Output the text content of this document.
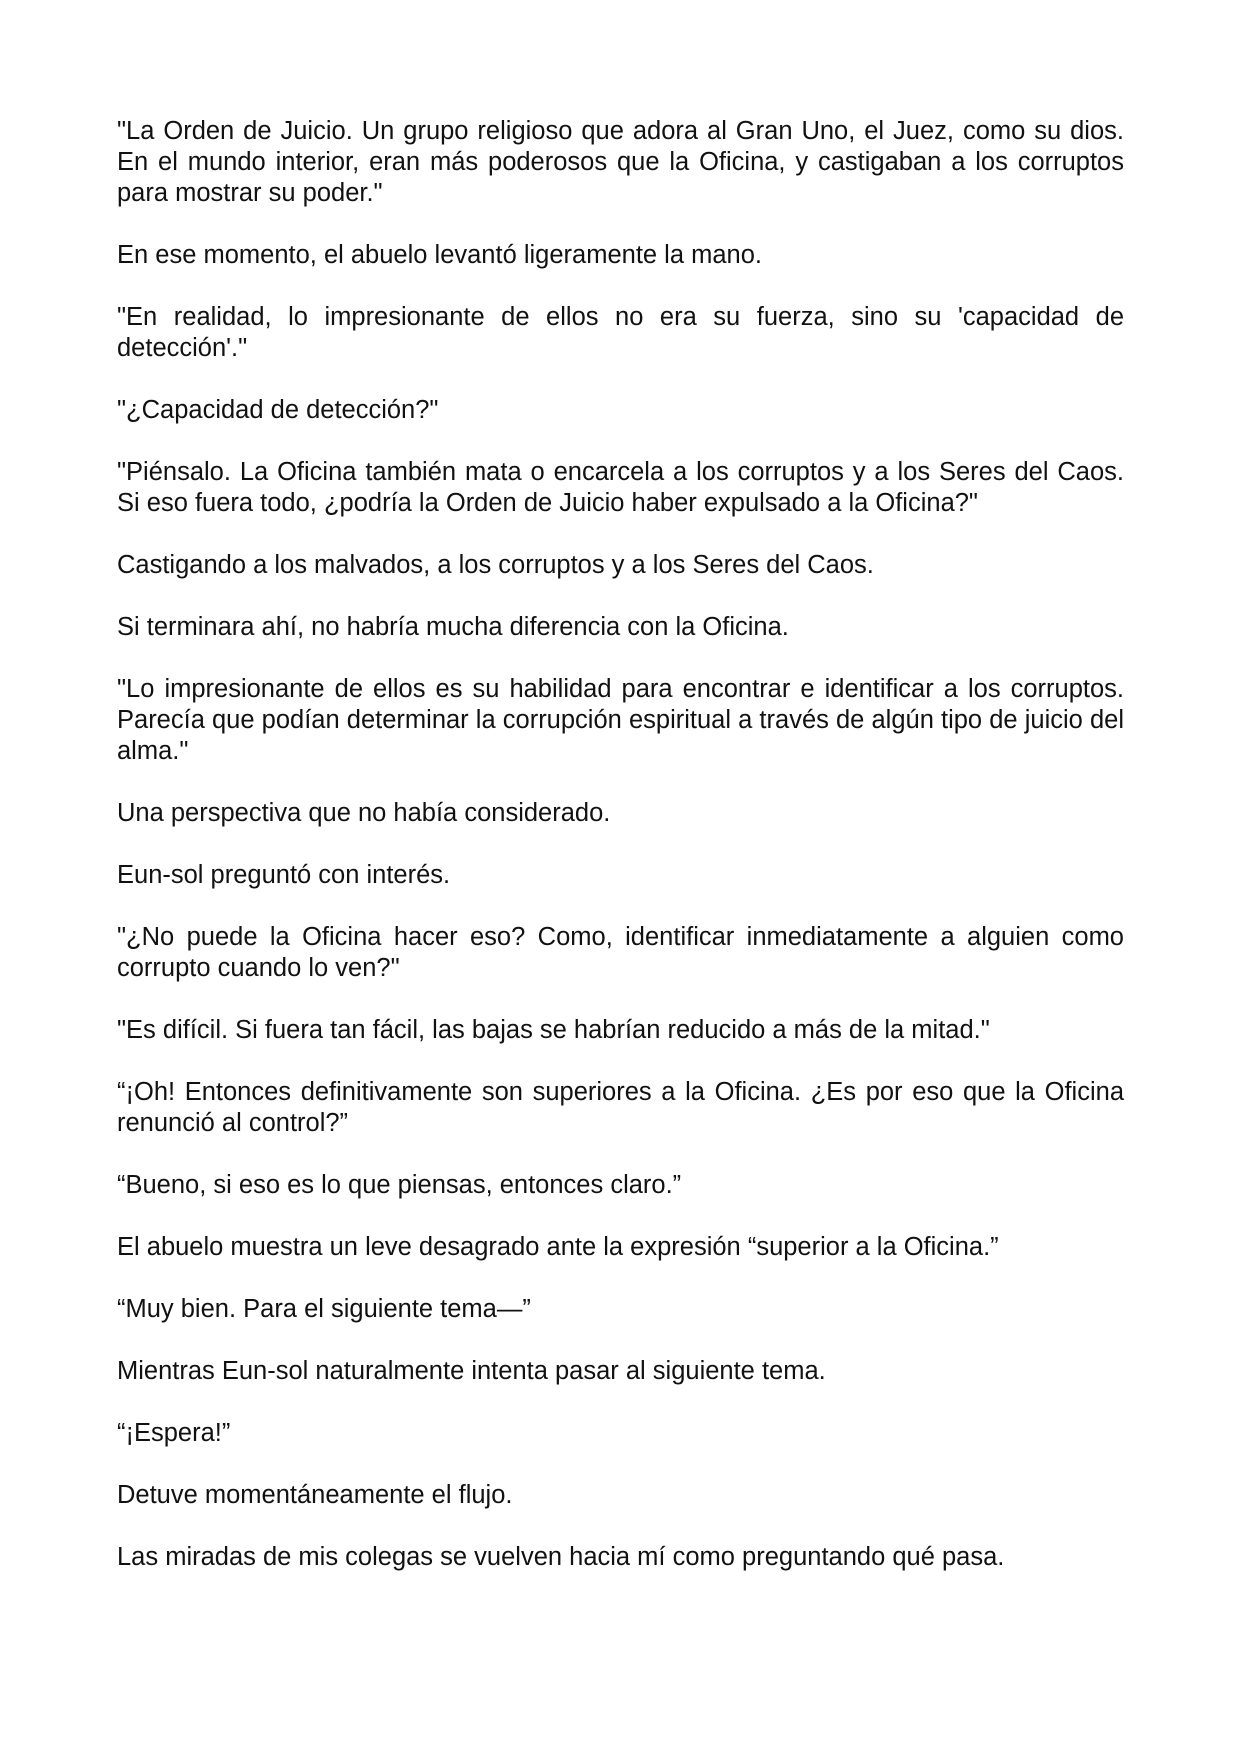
"La Orden de Juicio. Un grupo religioso que adora al Gran Uno, el Juez, como su dios. En el mundo interior, eran más poderosos que la Oficina, y castigaban a los corruptos para mostrar su poder."

En ese momento, el abuelo levantó ligeramente la mano.

"En realidad, lo impresionante de ellos no era su fuerza, sino su 'capacidad de detección'."

"¿Capacidad de detección?"

"Piénsalo. La Oficina también mata o encarcela a los corruptos y a los Seres del Caos. Si eso fuera todo, ¿podría la Orden de Juicio haber expulsado a la Oficina?"

Castigando a los malvados, a los corruptos y a los Seres del Caos.

Si terminara ahí, no habría mucha diferencia con la Oficina.

"Lo impresionante de ellos es su habilidad para encontrar e identificar a los corruptos. Parecía que podían determinar la corrupción espiritual a través de algún tipo de juicio del alma."

Una perspectiva que no había considerado.

Eun-sol preguntó con interés.

"¿No puede la Oficina hacer eso? Como, identificar inmediatamente a alguien como corrupto cuando lo ven?"

"Es difícil. Si fuera tan fácil, las bajas se habrían reducido a más de la mitad."

“¡Oh! Entonces definitivamente son superiores a la Oficina. ¿Es por eso que la Oficina renunció al control?”

“Bueno, si eso es lo que piensas, entonces claro.”

El abuelo muestra un leve desagrado ante la expresión “superior a la Oficina.”

“Muy bien. Para el siguiente tema—”

Mientras Eun-sol naturalmente intenta pasar al siguiente tema.

“¡Espera!”

Detuve momentáneamente el flujo.

Las miradas de mis colegas se vuelven hacia mí como preguntando qué pasa.
